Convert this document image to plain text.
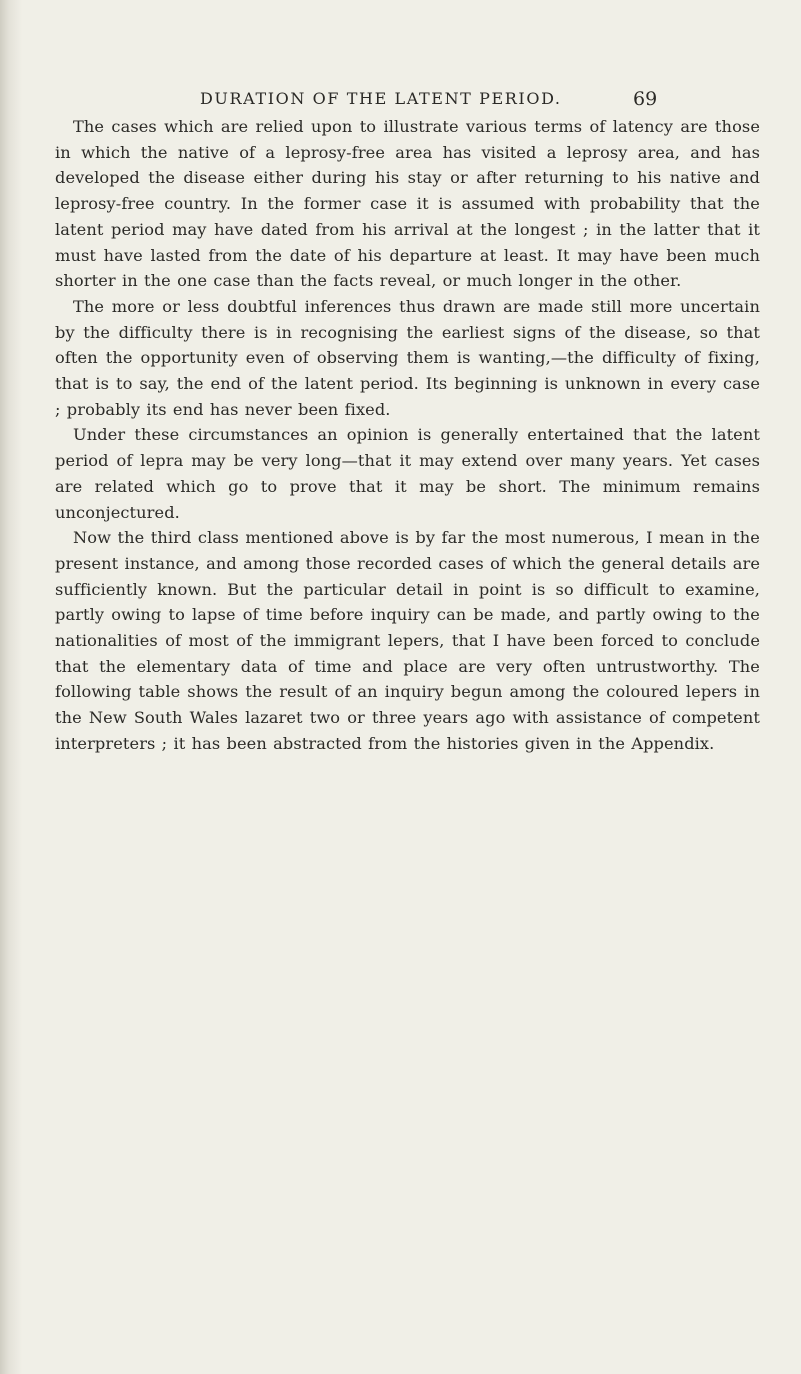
DURATION OF THE LATENT PERIOD.	69

The cases which are relied upon to illustrate various terms of latency are those in which the native of a leprosy-free area has visited a leprosy area, and has developed the disease either during his stay or after returning to his native and leprosy-free country. In the former case it is assumed with probability that the latent period may have dated from his arrival at the longest ; in the latter that it must have lasted from the date of his departure at least. It may have been much shorter in the one case than the facts reveal, or much longer in the other.

The more or less doubtful inferences thus drawn are made still more uncertain by the difficulty there is in recognising the earliest signs of the disease, so that often the opportunity even of observing them is wanting,—the difficulty of fixing, that is to say, the end of the latent period. Its beginning is unknown in every case ; probably its end has never been fixed.

Under these circumstances an opinion is generally entertained that the latent period of lepra may be very long—that it may extend over many years. Yet cases are related which go to prove that it may be short. The minimum remains unconjectured.

Now the third class mentioned above is by far the most numerous, I mean in the present instance, and among those recorded cases of which the general details are sufficiently known. But the particular detail in point is so difficult to examine, partly owing to lapse of time before inquiry can be made, and partly owing to the nationalities of most of the immigrant lepers, that I have been forced to conclude that the elementary data of time and place are very often untrustworthy. The following table shows the result of an inquiry begun among the coloured lepers in the New South Wales lazaret two or three years ago with assistance of competent interpreters ; it has been abstracted from the histories given in the Appendix.
